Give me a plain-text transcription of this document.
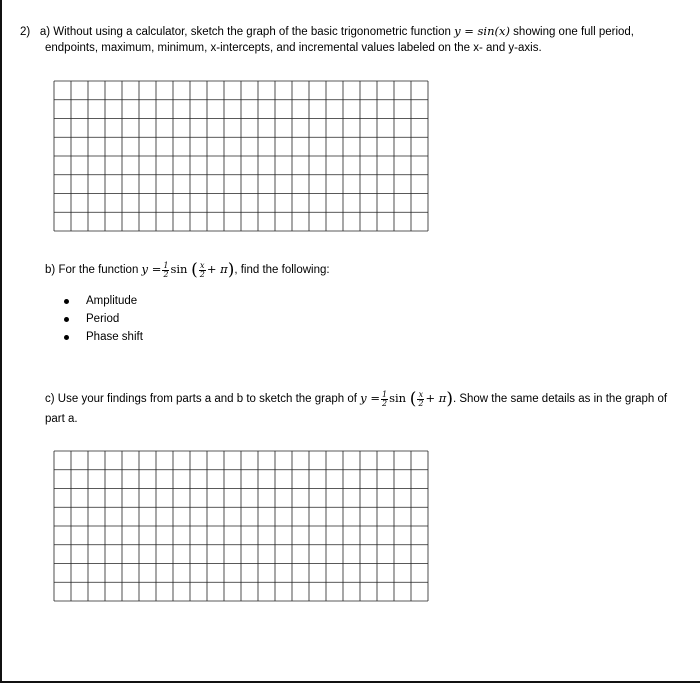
2) a) Without using a calculator, sketch the graph of the basic trigonometric function y = sin(x) showing one full period,
endpoints, maximum, minimum, x-intercepts, and incremental values labeled on the x- and y-axis.
b) For the function $y = \frac{1}{2}$ sin ( $\frac{x}{2} + \pi$), find the following:
Amplitude
Period
Phase shift
c) Use your findings from parts a and b to sketch the graph of $y = \frac{1}{2}$ sin ( $\frac{x}{2} + \pi$). Show the same details as in the graph of
part a.
